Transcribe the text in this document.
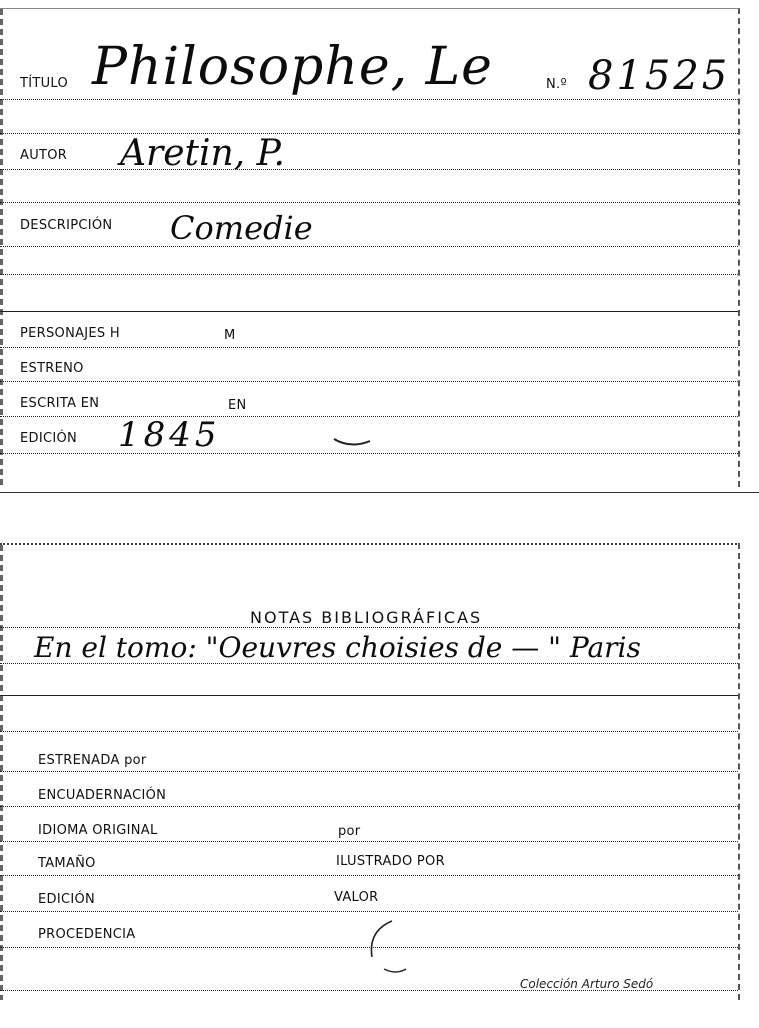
TÍTULO Philosophe, Le	N.º 81525
AUTOR Aretin, P.
DESCRIPCIÓN Comedie
PERSONAJES H	M
ESTRENO
ESCRITA EN	EN
EDICIÓN 1845
NOTAS BIBLIOGRÁFICAS
En el tomo: "Oeuvres choisies de — " Paris
ESTRENADA por
ENCUADERNACIÓN
IDIOMA ORIGINAL	por
TAMAÑO	ILUSTRADO POR
EDICIÓN	VALOR
PROCEDENCIA
Colección Arturo Sedó
